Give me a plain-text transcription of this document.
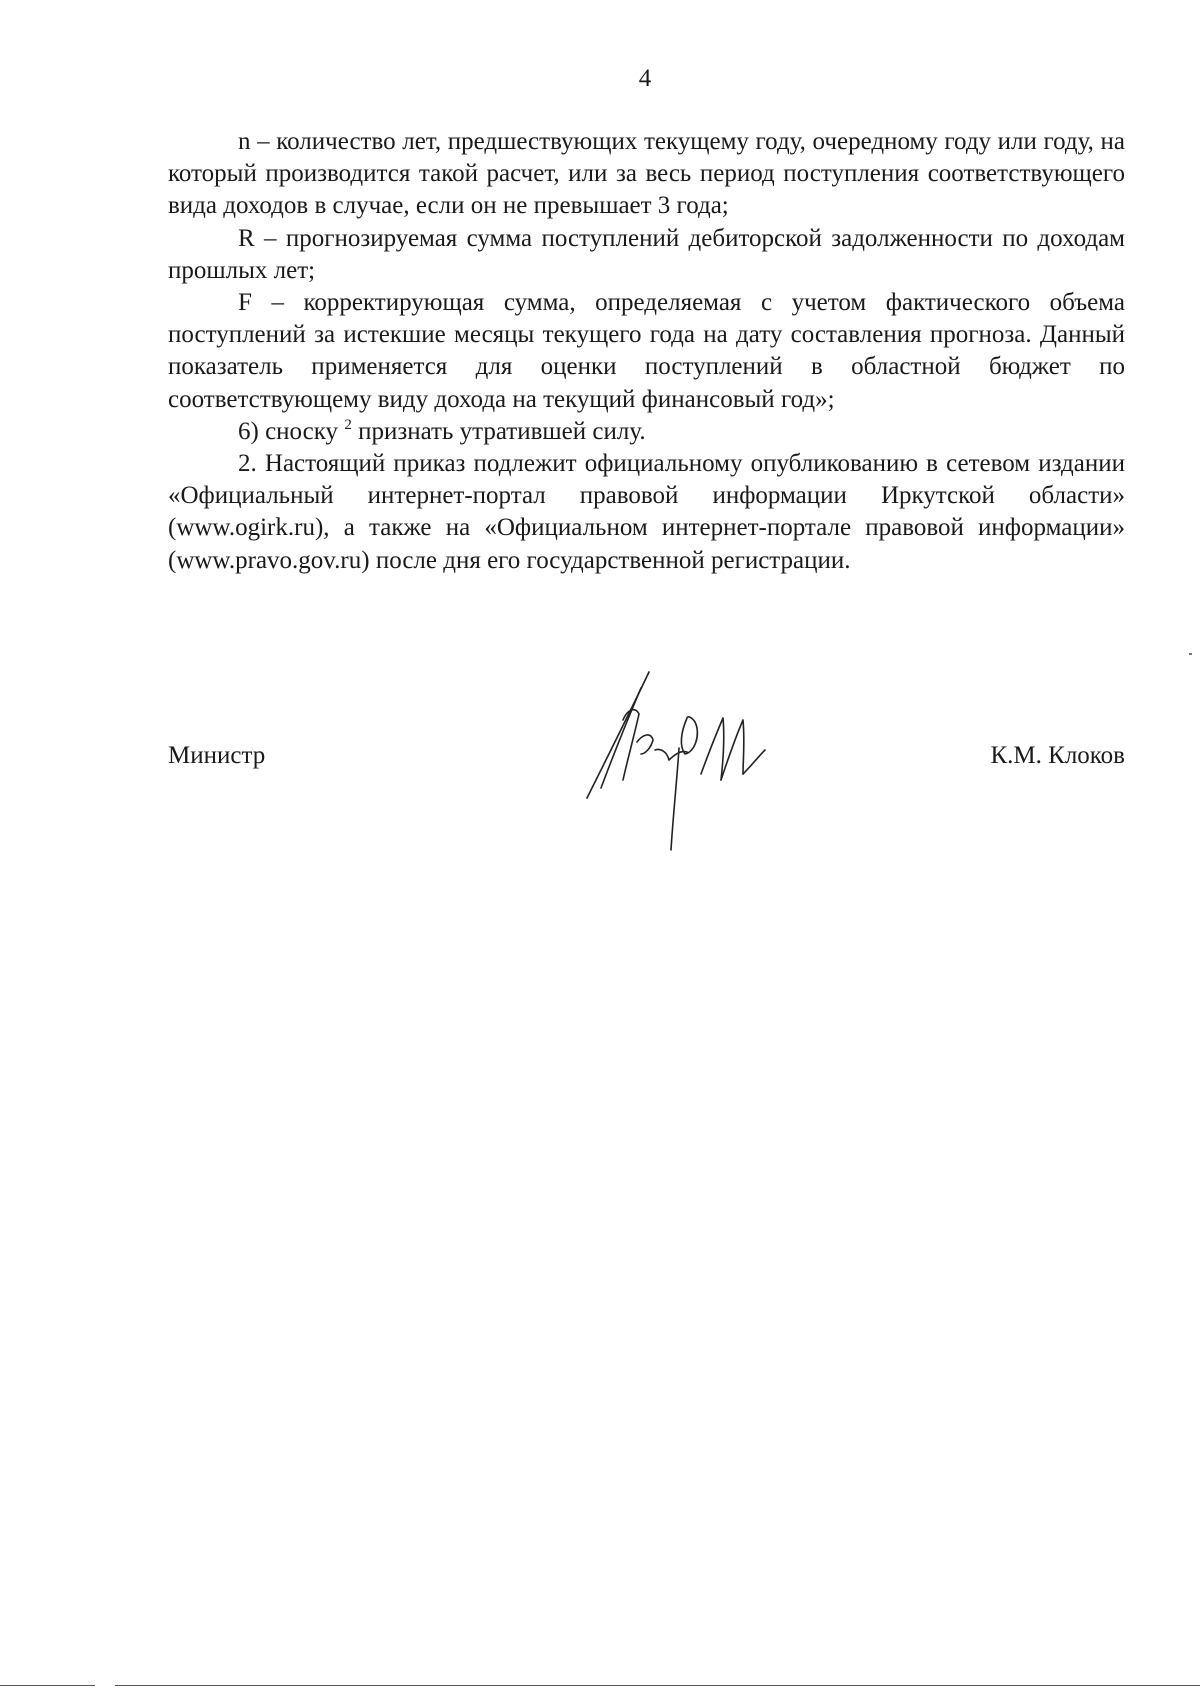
4

n – количество лет, предшествующих текущему году, очередному году или году, на который производится такой расчет, или за весь период поступления соответствующего вида доходов в случае, если он не превышает 3 года;

R – прогнозируемая сумма поступлений дебиторской задолженности по доходам прошлых лет;

F – корректирующая сумма, определяемая с учетом фактического объема поступлений за истекшие месяцы текущего года на дату составления прогноза. Данный показатель применяется для оценки поступлений в областной бюджет по соответствующему виду дохода на текущий финансовый год»;

6) сноску $^2$ признать утратившей силу.

2. Настоящий приказ подлежит официальному опубликованию в сетевом издании «Официальный интернет-портал правовой информации Иркутской области» (www.ogirk.ru), а также на «Официальном интернет-портале правовой информации» (www.pravo.gov.ru) после дня его государственной регистрации.

Министр	К.М. Клоков
